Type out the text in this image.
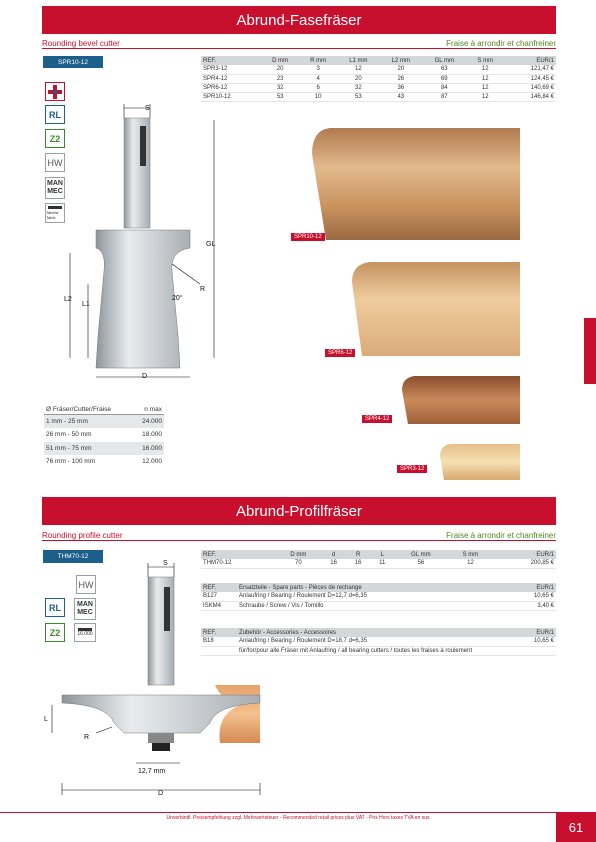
Abrund-Fasefräser
Rounding bevel cutter	Fraise à arrondir et chanfreiner
SPR10-12
RL
Z2
HW
MAN
MEC
Tabelle Table
REF.	D mm	R mm	L1 mm	L2 mm	GL mm	S mm	EUR/1
SPR3-12	20	3	12	20	63	12	121,47 €
SPR4-12	23	4	20	26	69	12	124,45 €
SPR6-12	32	6	32	36	84	12	140,69 €
SPR10-12	53	10	53	43	87	12	146,84 €
S
GL
L2
L1
R
20°
D
Ø Fräser/Cutter/Fraise	n max
1 mm - 25 mm	24.000
26 mm - 50 mm	18.000
51 mm - 75 mm	16.000
76 mm - 100 mm	12.000
SPR10-12
SPR6-12
SPR4-12
SPR3-12
Abrund-Profilfräser
Rounding profile cutter	Fraise à arrondir et chanfreiner
THM70-12
HW
MAN
MEC
16.000
RL
Z2
REF.	D mm	d	R	L	GL mm	S mm	EUR/1
THM70-12	70	16	16	11	56	12	200,85 €
REF.	Ersatzteile - Spare parts - Pièces de rechange	EUR/1
B127	Anlaufring / Bearing / Roulement D=12,7 d=6,35	10,65 €
ISKM4	Schraube / Screw / Vis / Tornillo	3,40 €
REF.	Zubehör - Accessories - Accessoires	EUR/1
B18	Anlaufring / Bearing / Roulement D=18,7 d=6,35	10,65 €
	für/for/pour alle Fräser mit Anlaufring / all bearing cutters / toutes les fraises à roulement	
S
L
R
12,7 mm
D
Unverbindl. Preisempfehlung zzgl. Mehrwertsteuer - Recommended retail prices plus VAT - Prix Hors taxes TVA en sus
61
